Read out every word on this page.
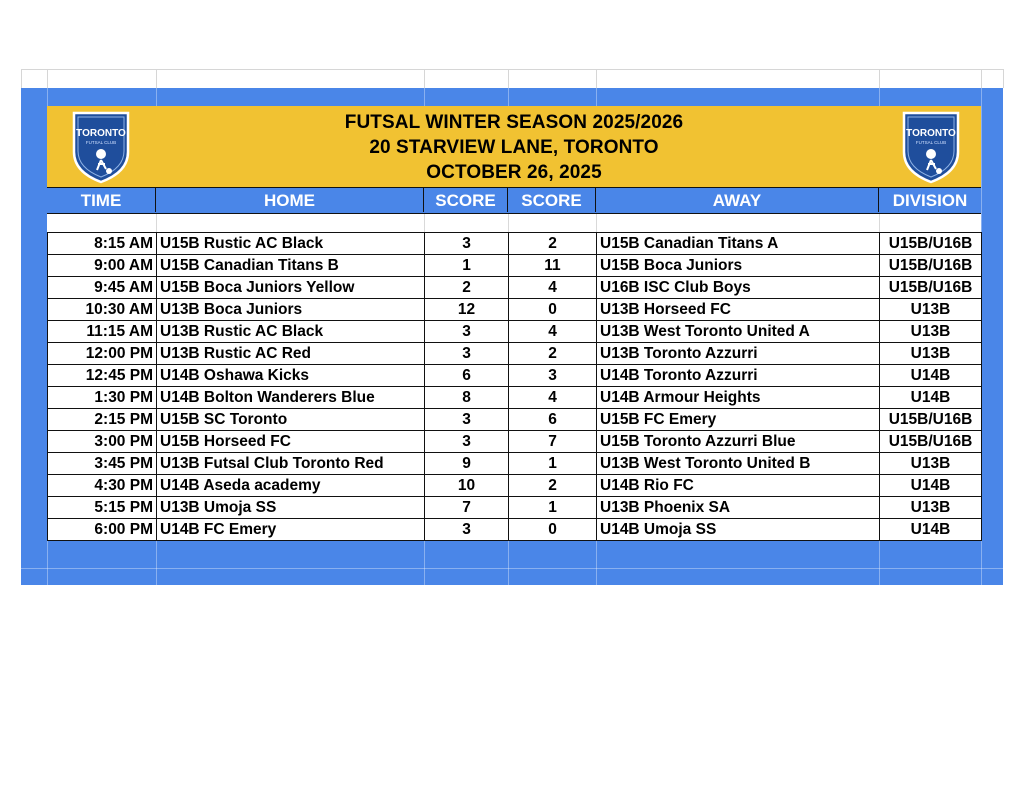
FUTSAL WINTER SEASON 2025/2026
20 STARVIEW LANE, TORONTO
OCTOBER 26, 2025
TORONTO
FUTSAL CLUB
TORONTO
FUTSAL CLUB
TIME	HOME	SCORE	SCORE	AWAY	DIVISION
8:15 AM	U15B Rustic AC Black	3	2	U15B Canadian Titans A	U15B/U16B
9:00 AM	U15B Canadian Titans B	1	11	U15B Boca Juniors	U15B/U16B
9:45 AM	U15B Boca Juniors Yellow	2	4	U16B ISC Club Boys	U15B/U16B
10:30 AM	U13B Boca Juniors	12	0	U13B Horseed FC	U13B
11:15 AM	U13B Rustic AC Black	3	4	U13B West Toronto United A	U13B
12:00 PM	U13B Rustic AC Red	3	2	U13B Toronto Azzurri	U13B
12:45 PM	U14B Oshawa Kicks	6	3	U14B Toronto Azzurri	U14B
1:30 PM	U14B Bolton Wanderers Blue	8	4	U14B Armour Heights	U14B
2:15 PM	U15B SC Toronto	3	6	U15B FC Emery	U15B/U16B
3:00 PM	U15B Horseed FC	3	7	U15B Toronto Azzurri Blue	U15B/U16B
3:45 PM	U13B Futsal Club Toronto Red	9	1	U13B West Toronto United B	U13B
4:30 PM	U14B Aseda academy	10	2	U14B Rio FC	U14B
5:15 PM	U13B Umoja SS	7	1	U13B Phoenix SA	U13B
6:00 PM	U14B FC Emery	3	0	U14B Umoja SS	U14B
